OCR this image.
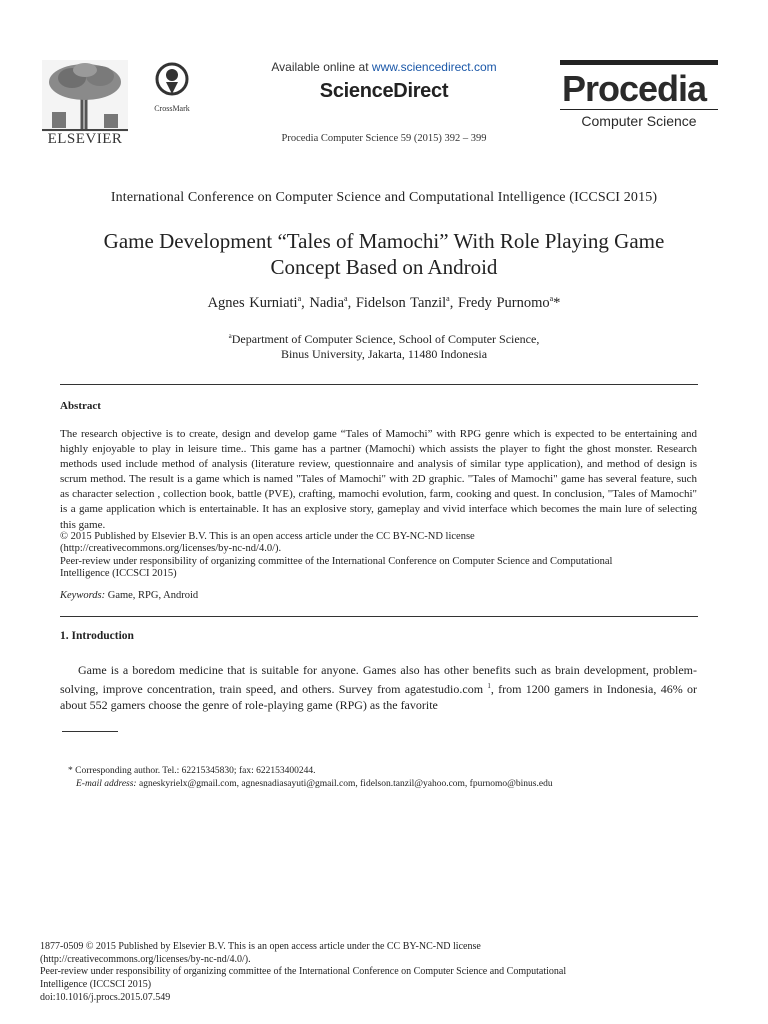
ELSEVIER
CrossMark
Available online at www.sciencedirect.com
ScienceDirect
Procedia Computer Science 59 (2015) 392 – 399
Procedia
Computer Science
International Conference on Computer Science and Computational Intelligence (ICCSCI 2015)
Game Development “Tales of Mamochi” With Role Playing Game
Concept Based on Android
Agnes Kurniati$^a$, Nadia$^a$, Fidelson Tanzil$^a$, Fredy Purnomo$^a$*
$^a$Department of Computer Science, School of Computer Science,
Binus University, Jakarta, 11480 Indonesia
Abstract

The research objective is to create, design and develop game “Tales of Mamochi” with RPG genre which is expected to be entertaining and highly enjoyable to play in leisure time.. This game has a partner (Mamochi) which assists the player to fight the ghost monster. Research methods used include method of analysis (literature review, questionnaire and analysis of similar type application), and method of design is scrum method. The result is a game which is named "Tales of Mamochi" with 2D graphic. "Tales of Mamochi" game has several feature, such as character selection , collection book, battle (PVE), crafting, mamochi evolution, farm, cooking and quest. In conclusion, "Tales of Mamochi" is a game application which is entertainable. It has an explosive story, gameplay and vivid interface which becomes the main lure of selecting this game.

© 2015 Published by Elsevier B.V. This is an open access article under the CC BY-NC-ND license
(http://creativecommons.org/licenses/by-nc-nd/4.0/).
Peer-review under responsibility of organizing committee of the International Conference on Computer Science and Computational
Intelligence (ICCSCI 2015)
Keywords: Game, RPG, Android
1. Introduction

Game is a boredom medicine that is suitable for anyone. Games also has other benefits such as brain development, problem-solving, improve concentration, train speed, and others. Survey from agatestudio.com $^1$, from 1200 gamers in Indonesia, 46% or about 552 gamers choose the genre of role-playing game (RPG) as the favorite

* Corresponding author. Tel.: 62215345830; fax: 622153400244.
E-mail address: agneskyrielx@gmail.com, agnesnadiasayuti@gmail.com, fidelson.tanzil@yahoo.com, fpurnomo@binus.edu
1877-0509 © 2015 Published by Elsevier B.V. This is an open access article under the CC BY-NC-ND license
(http://creativecommons.org/licenses/by-nc-nd/4.0/).
Peer-review under responsibility of organizing committee of the International Conference on Computer Science and Computational
Intelligence (ICCSCI 2015)
doi:10.1016/j.procs.2015.07.549
